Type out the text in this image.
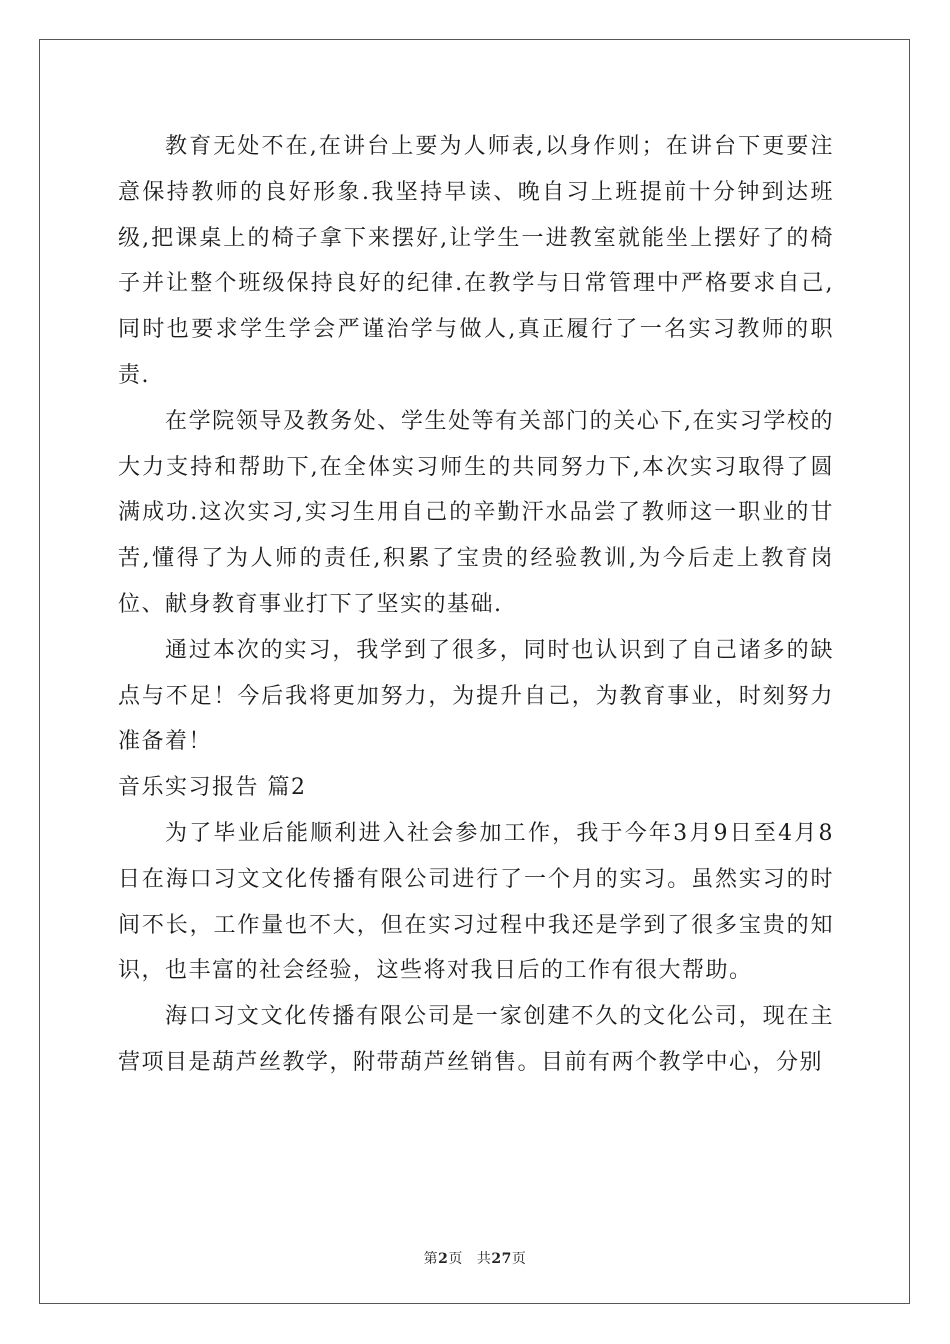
教育无处不在,在讲台上要为人师表,以身作则；在讲台下更要注意保持教师的良好形象.我坚持早读、晚自习上班提前十分钟到达班级,把课桌上的椅子拿下来摆好,让学生一进教室就能坐上摆好了的椅子并让整个班级保持良好的纪律.在教学与日常管理中严格要求自己,同时也要求学生学会严谨治学与做人,真正履行了一名实习教师的职责.

在学院领导及教务处、学生处等有关部门的关心下,在实习学校的大力支持和帮助下,在全体实习师生的共同努力下,本次实习取得了圆满成功.这次实习,实习生用自己的辛勤汗水品尝了教师这一职业的甘苦,懂得了为人师的责任,积累了宝贵的经验教训,为今后走上教育岗位、献身教育事业打下了坚实的基础.

通过本次的实习，我学到了很多，同时也认识到了自己诸多的缺点与不足！今后我将更加努力，为提升自己，为教育事业，时刻努力准备着！

音乐实习报告 篇2

为了毕业后能顺利进入社会参加工作，我于今年3月9日至4月8日在海口习文文化传播有限公司进行了一个月的实习。虽然实习的时间不长，工作量也不大，但在实习过程中我还是学到了很多宝贵的知识，也丰富的社会经验，这些将对我日后的工作有很大帮助。

海口习文文化传播有限公司是一家创建不久的文化公司，现在主营项目是葫芦丝教学，附带葫芦丝销售。目前有两个教学中心，分别

第2页 共27页
